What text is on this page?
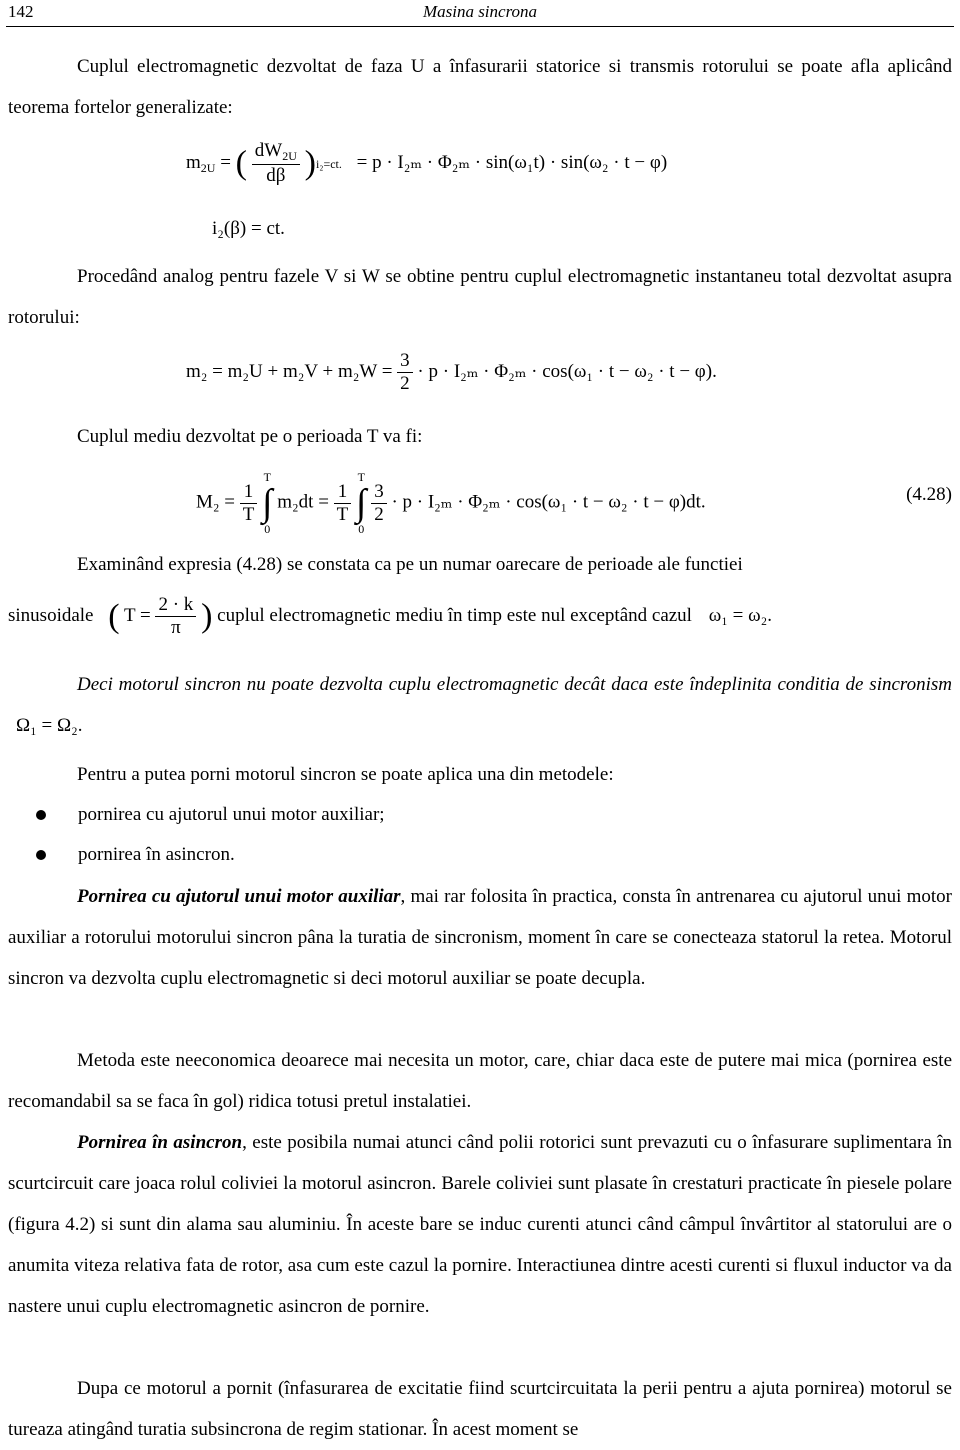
142	Masina sincrona

Cuplul electromagnetic dezvoltat de faza U a înfasurarii statorice si transmis rotorului se poate afla aplicând teorema fortelor generalizate:

$m_{2U}$ = ( $\frac{dW_{2U}}{d\beta} )i_2=ct$. = p · I₂ₘ · Φ₂ₘ · sin(ω₁t) · sin(ω₂ · t − φ)
i₂(β) = ct.

Procedând analog pentru fazele V si W se obtine pentru cuplul electromagnetic instantaneu total dezvoltat asupra rotorului:

$m_2 = m_2U + m_2V + m_2W = \frac{3}{2} \cdot p \cdot I_{2m} \cdot \Phi_{2m} \cdot \cos(\omega_1 \cdot t - \omega_2 \cdot t - \varphi)$.

Cuplul mediu dezvoltat pe o perioada T va fi:

$M_2 = \frac{1}{T}$

T
∫
0
$m_2dt = \frac{1}{T}$

T
∫
0

$\frac{3}{2} \cdot p \cdot I_{2m} \cdot \Phi_{2m} \cdot \cos(\omega_1 \cdot t - \omega_2 \cdot t - \varphi)dt$.	(4.28)

Examinând expresia (4.28) se constata ca pe un numar oarecare de perioade ale functiei

sinusoidale ( $T = \frac{2 \cdot k}{\pi}$ ) cuplul electromagnetic mediu în timp este nul exceptând cazul ω₁ = ω₂.

Deci motorul sincron nu poate dezvolta cuplu electromagnetic decât daca este îndeplinita conditia de sincronism Ω₁ = Ω₂.

Pentru a putea porni motorul sincron se poate aplica una din metodele:

pornirea cu ajutorul unui motor auxiliar;

pornirea în asincron.

Pornirea cu ajutorul unui motor auxiliar, mai rar folosita în practica, consta în antrenarea cu ajutorul unui motor auxiliar a rotorului motorului sincron pâna la turatia de sincronism, moment în care se conecteaza statorul la retea. Motorul sincron va dezvolta cuplu electromagnetic si deci motorul auxiliar se poate decupla.

Metoda este neeconomica deoarece mai necesita un motor, care, chiar daca este de putere mai mica (pornirea este recomandabil sa se faca în gol) ridica totusi pretul instalatiei.

Pornirea în asincron, este posibila numai atunci când polii rotorici sunt prevazuti cu o înfasurare suplimentara în scurtcircuit care joaca rolul coliviei la motorul asincron. Barele coliviei sunt plasate în crestaturi practicate în piesele polare (figura 4.2) si sunt din alama sau aluminiu. În aceste bare se induc curenti atunci când câmpul învârtitor al statorului are o anumita viteza relativa fata de rotor, asa cum este cazul la pornire. Interactiunea dintre acesti curenti si fluxul inductor va da nastere unui cuplu electromagnetic asincron de pornire.

Dupa ce motorul a pornit (înfasurarea de excitatie fiind scurtcircuitata la perii pentru a ajuta pornirea) motorul se tureaza atingând turatia subsincrona de regim stationar. În acest moment se
